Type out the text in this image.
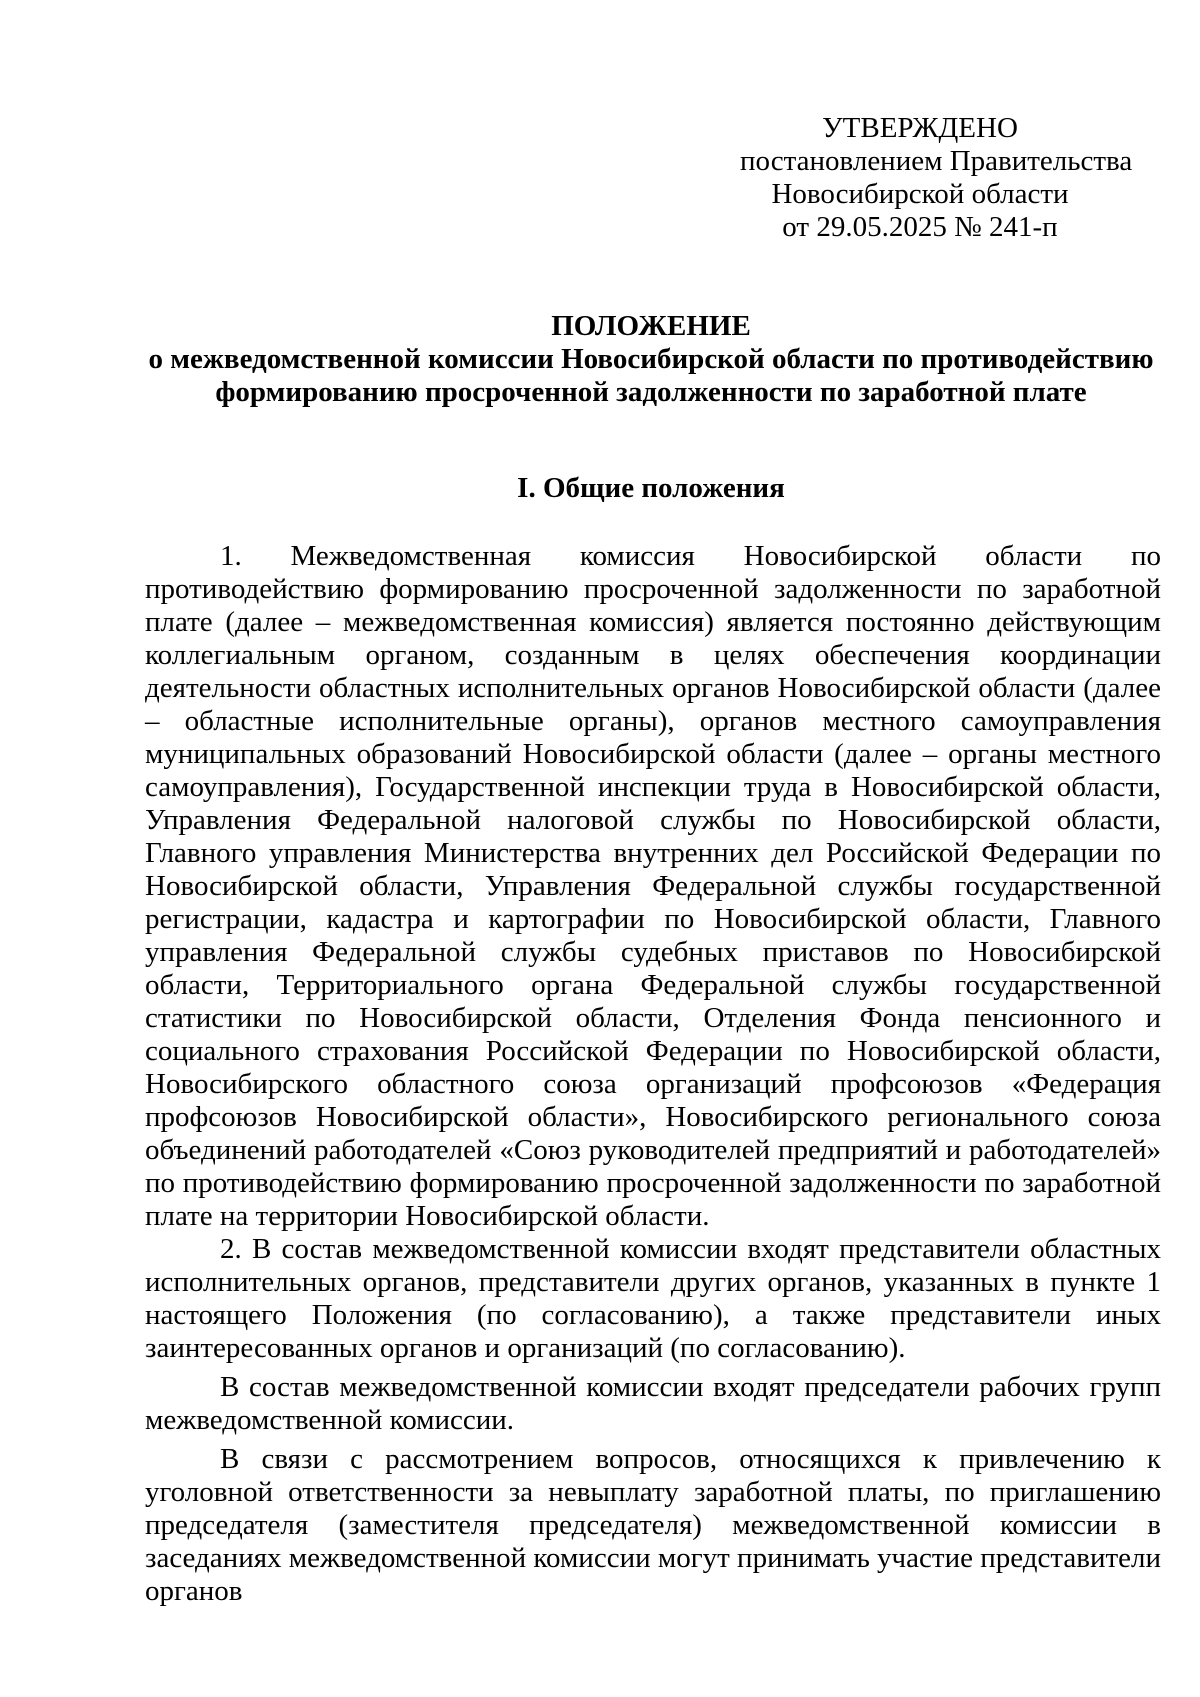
УТВЕРЖДЕНО
постановлением Правительства
Новосибирской области
от 29.05.2025 № 241-п
ПОЛОЖЕНИЕ
о межведомственной комиссии Новосибирской области по противодействию
формированию просроченной задолженности по заработной плате
I. Общие положения

1. Межведомственная комиссия Новосибирской области по противодействию формированию просроченной задолженности по заработной плате (далее – межведомственная комиссия) является постоянно действующим коллегиальным органом, созданным в целях обеспечения координации деятельности областных исполнительных органов Новосибирской области (далее – областные исполнительные органы), органов местного самоуправления муниципальных образований Новосибирской области (далее – органы местного самоуправления), Государственной инспекции труда в Новосибирской области, Управления Федеральной налоговой службы по Новосибирской области, Главного управления Министерства внутренних дел Российской Федерации по Новосибирской области, Управления Федеральной службы государственной регистрации, кадастра и картографии по Новосибирской области, Главного управления Федеральной службы судебных приставов по Новосибирской области, Территориального органа Федеральной службы государственной статистики по Новосибирской области, Отделения Фонда пенсионного и социального страхования Российской Федерации по Новосибирской области, Новосибирского областного союза организаций профсоюзов «Федерация профсоюзов Новосибирской области», Новосибирского регионального союза объединений работодателей «Союз руководителей предприятий и работодателей» по противодействию формированию просроченной задолженности по заработной плате на территории Новосибирской области.

2. В состав межведомственной комиссии входят представители областных исполнительных органов, представители других органов, указанных в пункте 1 настоящего Положения (по согласованию), а также представители иных заинтересованных органов и организаций (по согласованию).

В состав межведомственной комиссии входят председатели рабочих групп межведомственной комиссии.

В связи с рассмотрением вопросов, относящихся к привлечению к уголовной ответственности за невыплату заработной платы, по приглашению председателя (заместителя председателя) межведомственной комиссии в заседаниях межведомственной комиссии могут принимать участие представители органов
